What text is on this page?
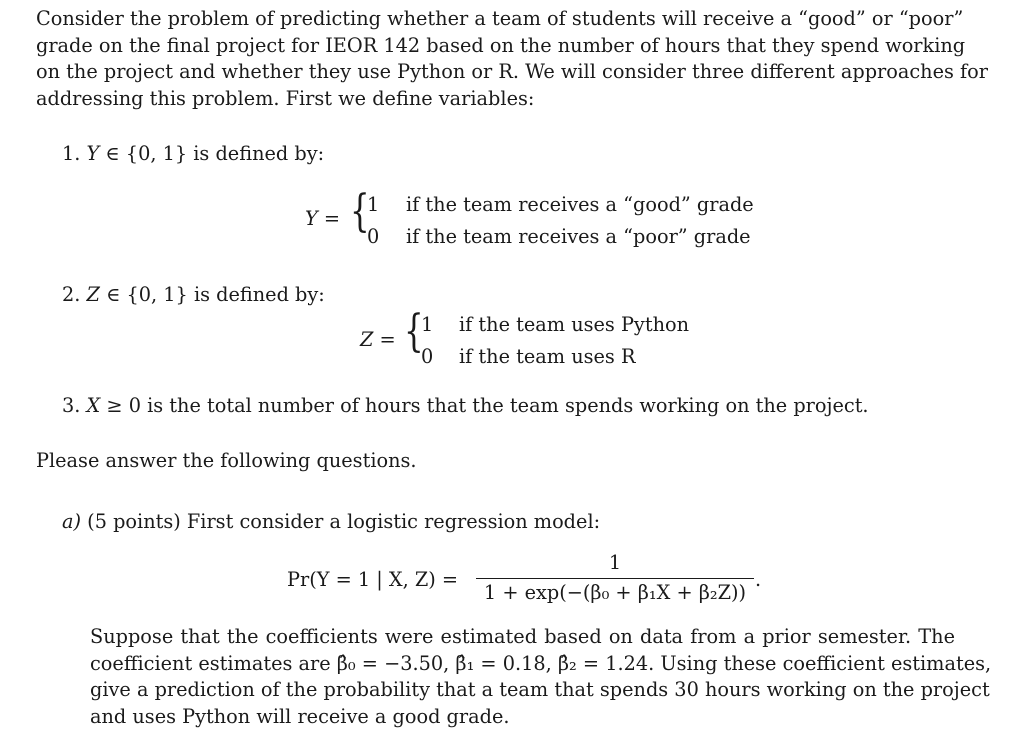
Consider the problem of predicting whether a team of students will receive a “good” or “poor”
grade on the final project for IEOR 142 based on the number of hours that they spend working
on the project and whether they use Python or R. We will consider three different approaches for
addressing this problem. First we define variables:
1. Y ∈ {0, 1} is defined by:
Y = {
1 if the team receives a “good” grade
0 if the team receives a “poor” grade
2. Z ∈ {0, 1} is defined by:
Z = {
1 if the team uses Python
0 if the team uses R
3. X ≥ 0 is the total number of hours that the team spends working on the project.
Please answer the following questions.
a) (5 points) First consider a logistic regression model:
Pr(Y = 1 | X, Z) =
1
1 + exp(−(β₀ + β₁X + β₂Z))
.
Suppose that the coefficients were estimated based on data from a prior semester. The
coefficient estimates are β̂₀ = −3.50, β̂₁ = 0.18, β̂₂ = 1.24. Using these coefficient estimates,
give a prediction of the probability that a team that spends 30 hours working on the project
and uses Python will receive a good grade.
